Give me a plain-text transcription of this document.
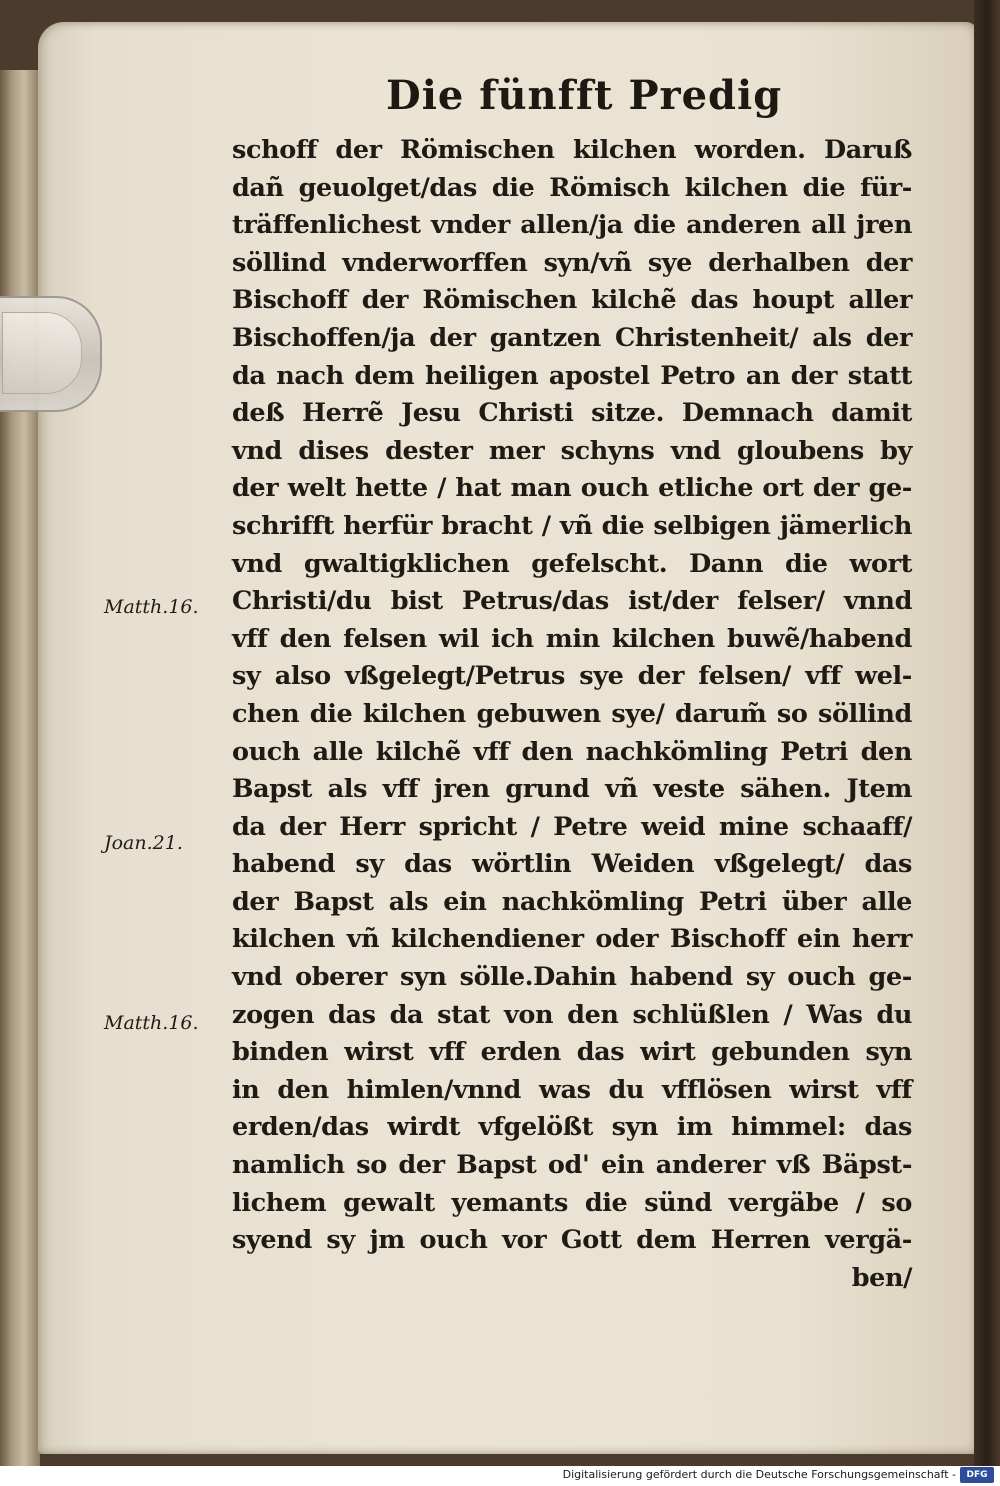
Die fünfft Predig
schoff der Römischen kilchen worden. Daruß
dañ geuolget/das die Römisch kilchen die für-
träffenlichest vnder allen/ja die anderen all jren
söllind vnderworffen syn/vñ sye derhalben der
Bischoff der Römischen kilchẽ das houpt aller
Bischoffen/ja der gantzen Christenheit/ als der
da nach dem heiligen apostel Petro an der statt
deß Herrẽ Jesu Christi sitze. Demnach damit
vnd dises dester mer schyns vnd gloubens by
der welt hette / hat man ouch etliche ort der ge-
schrifft herfür bracht / vñ die selbigen jämerlich
vnd gwaltigklichen gefelscht. Dann die wort
Christi/du bist Petrus/das ist/der felser/ vnnd
vff den felsen wil ich min kilchen buwẽ/habend
sy also vßgelegt/Petrus sye der felsen/ vff wel-
chen die kilchen gebuwen sye/ darum̃ so söllind
ouch alle kilchẽ vff den nachkömling Petri den
Bapst als vff jren grund vñ veste sähen. Jtem
da der Herr spricht / Petre weid mine schaaff/
habend sy das wörtlin Weiden vßgelegt/ das
der Bapst als ein nachkömling Petri über alle
kilchen vñ kilchendiener oder Bischoff ein herr
vnd oberer syn sölle.Dahin habend sy ouch ge-
zogen das da stat von den schlüßlen / Was du
binden wirst vff erden das wirt gebunden syn
in den himlen/vnnd was du vfflösen wirst vff
erden/das wirdt vfgelößt syn im himmel: das
namlich so der Bapst od' ein anderer vß Bäpst-
lichem gewalt yemants die sünd vergäbe / so
syend sy jm ouch vor Gott dem Herren vergä-
ben/
Matth.16.
Joan.21.
Matth.16.
Digitalisierung gefördert durch die Deutsche Forschungsgemeinschaft -	DFG
